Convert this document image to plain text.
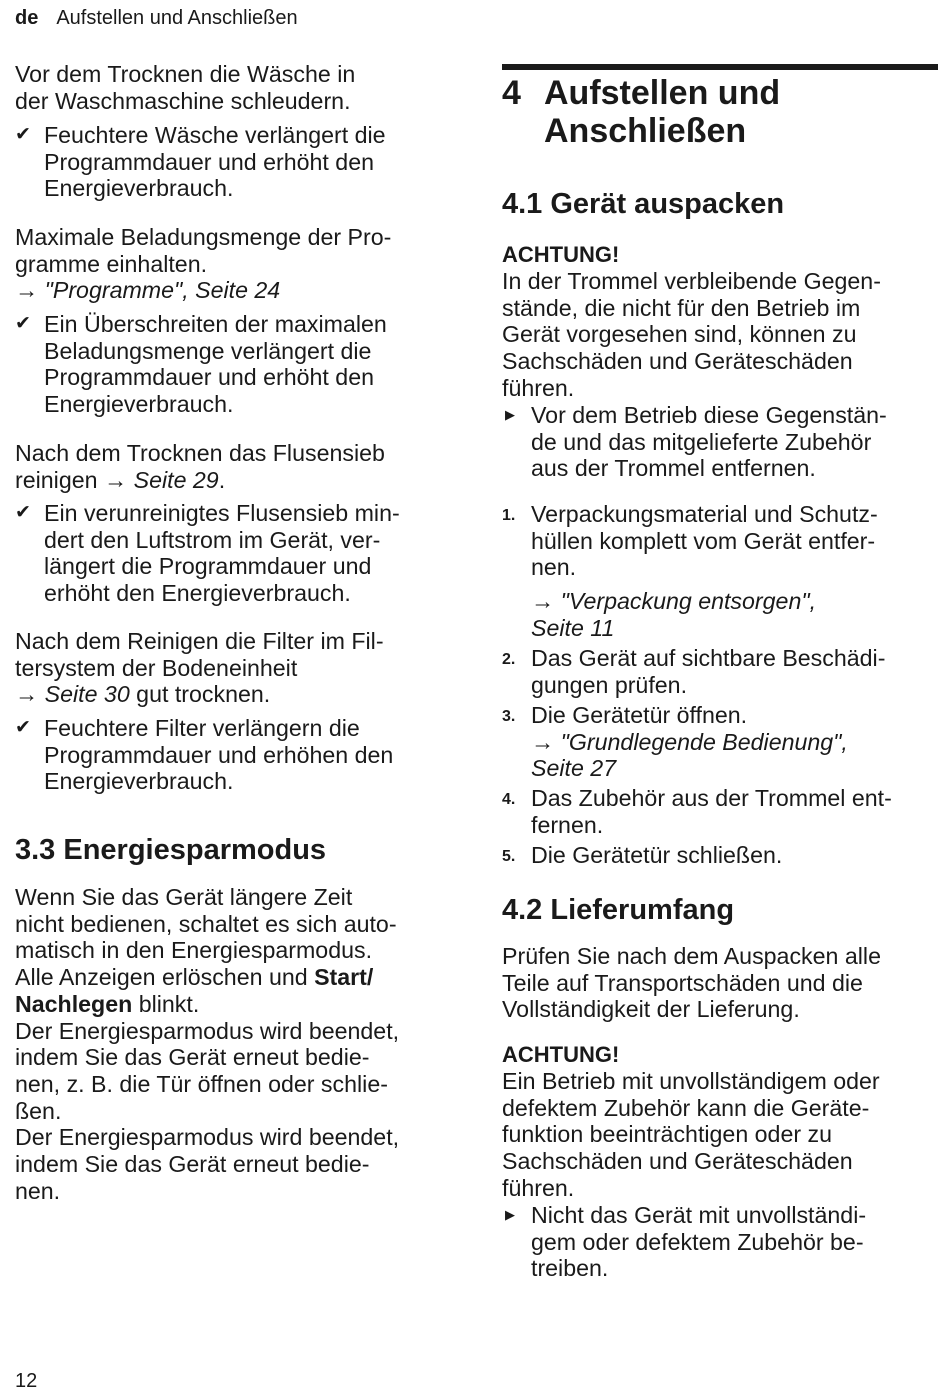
de Aufstellen und Anschließen
Vor dem Trocknen die Wäsche in
der Waschmaschine schleudern.
✔ Feuchtere Wäsche verlängert die
Programmdauer und erhöht den
Energieverbrauch.
Maximale Beladungsmenge der Pro-
gramme einhalten.
→ "Programme", Seite 24
✔ Ein Überschreiten der maximalen
Beladungsmenge verlängert die
Programmdauer und erhöht den
Energieverbrauch.
Nach dem Trocknen das Flusensieb
reinigen → Seite 29.
✔ Ein verunreinigtes Flusensieb min-
dert den Luftstrom im Gerät, ver-
längert die Programmdauer und
erhöht den Energieverbrauch.
Nach dem Reinigen die Filter im Fil-
tersystem der Bodeneinheit
→ Seite 30 gut trocknen.
✔ Feuchtere Filter verlängern die
Programmdauer und erhöhen den
Energieverbrauch.
3.3 Energiesparmodus
Wenn Sie das Gerät längere Zeit
nicht bedienen, schaltet es sich auto-
matisch in den Energiesparmodus.
Alle Anzeigen erlöschen und Start/
Nachlegen blinkt.
Der Energiesparmodus wird beendet,
indem Sie das Gerät erneut bedie-
nen, z. B. die Tür öffnen oder schlie-
ßen.
Der Energiesparmodus wird beendet,
indem Sie das Gerät erneut bedie-
nen.
4 Aufstellen und
Anschließen
4.1 Gerät auspacken
ACHTUNG!
In der Trommel verbleibende Gegen-
stände, die nicht für den Betrieb im
Gerät vorgesehen sind, können zu
Sachschäden und Geräteschäden
führen.
▶ Vor dem Betrieb diese Gegenstän-
de und das mitgelieferte Zubehör
aus der Trommel entfernen.
1. Verpackungsmaterial und Schutz-
hüllen komplett vom Gerät entfer-
nen.
→ "Verpackung entsorgen",
Seite 11
2. Das Gerät auf sichtbare Beschädi-
gungen prüfen.
3. Die Gerätetür öffnen.
→ "Grundlegende Bedienung",
Seite 27
4. Das Zubehör aus der Trommel ent-
fernen.
5. Die Gerätetür schließen.
4.2 Lieferumfang
Prüfen Sie nach dem Auspacken alle
Teile auf Transportschäden und die
Vollständigkeit der Lieferung.
ACHTUNG!
Ein Betrieb mit unvollständigem oder
defektem Zubehör kann die Geräte-
funktion beeinträchtigen oder zu
Sachschäden und Geräteschäden
führen.
▶ Nicht das Gerät mit unvollständi-
gem oder defektem Zubehör be-
treiben.
12
